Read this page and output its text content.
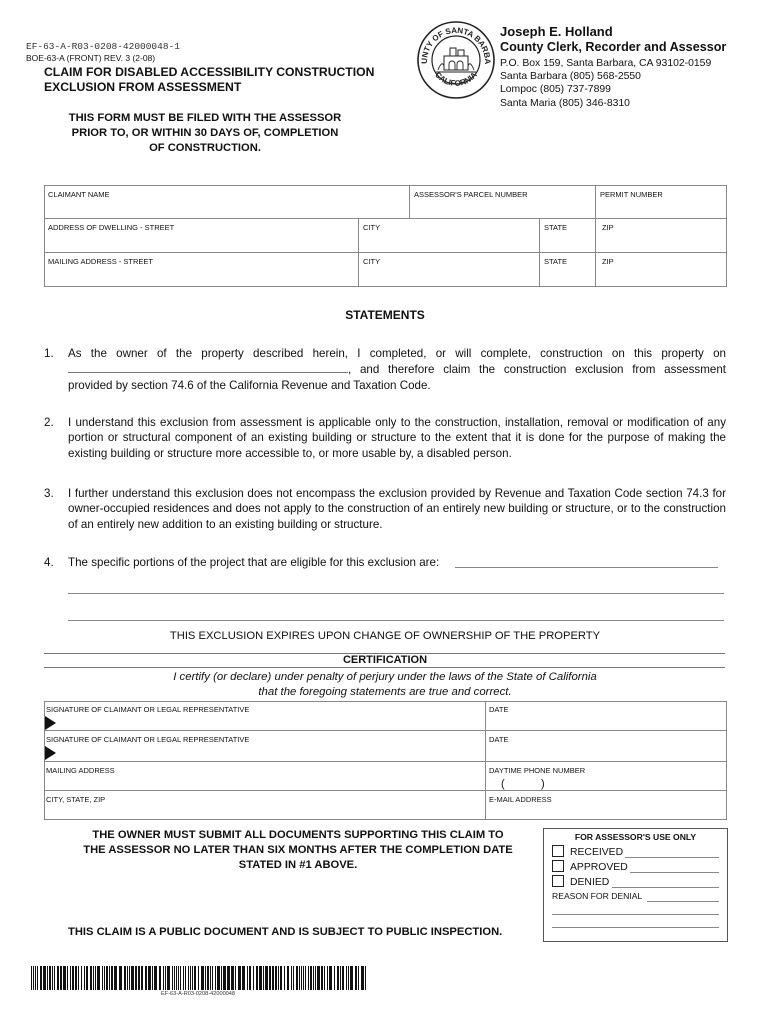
EF-63-A-R03-0208-42000048-1
BOE-63-A (FRONT) REV. 3 (2-08)
CLAIM FOR DISABLED ACCESSIBILITY CONSTRUCTION
EXCLUSION FROM ASSESSMENT
THIS FORM MUST BE FILED WITH THE ASSESSOR
PRIOR TO, OR WITHIN 30 DAYS OF, COMPLETION
OF CONSTRUCTION.
UNTY OF SANTA BARBA
CALIFORNIA
Joseph E. Holland
County Clerk, Recorder and Assessor
P.O. Box 159, Santa Barbara, CA 93102-0159
Santa Barbara (805) 568-2550
Lompoc (805) 737-7899
Santa Maria (805) 346-8310
CLAIMANT NAME	ASSESSOR'S PARCEL NUMBER	PERMIT NUMBER
ADDRESS OF DWELLING - STREET	CITY	STATE	ZIP
MAILING ADDRESS - STREET	CITY	STATE	ZIP
STATEMENTS
1. As the owner of the property described herein, I completed, or will complete, construction on this property on
, and therefore claim the construction exclusion from assessment
provided by section 74.6 of the California Revenue and Taxation Code.
2. I understand this exclusion from assessment is applicable only to the construction, installation, removal or modification of any portion or structural component of an existing building or structure to the extent that it is done for the purpose of making the existing building or structure more accessible to, or more usable by, a disabled person.
3. I further understand this exclusion does not encompass the exclusion provided by Revenue and Taxation Code section 74.3 for owner-occupied residences and does not apply to the construction of an entirely new building or structure, or to the construction of an entirely new addition to an existing building or structure.
4. The specific portions of the project that are eligible for this exclusion are:
THIS EXCLUSION EXPIRES UPON CHANGE OF OWNERSHIP OF THE PROPERTY
CERTIFICATION
I certify (or declare) under penalty of perjury under the laws of the State of California
that the foregoing statements are true and correct.
SIGNATURE OF CLAIMANT OR LEGAL REPRESENTATIVE	DATE
SIGNATURE OF CLAIMANT OR LEGAL REPRESENTATIVE	DATE
MAILING ADDRESS	DAYTIME PHONE NUMBER
(	)
CITY, STATE, ZIP	E-MAIL ADDRESS
THE OWNER MUST SUBMIT ALL DOCUMENTS SUPPORTING THIS CLAIM TO
THE ASSESSOR NO LATER THAN SIX MONTHS AFTER THE COMPLETION DATE
STATED IN #1 ABOVE.
THIS CLAIM IS A PUBLIC DOCUMENT AND IS SUBJECT TO PUBLIC INSPECTION.
FOR ASSESSOR'S USE ONLY
RECEIVED
APPROVED
DENIED
REASON FOR DENIAL
EF-63-A-R03-0208-42000048
